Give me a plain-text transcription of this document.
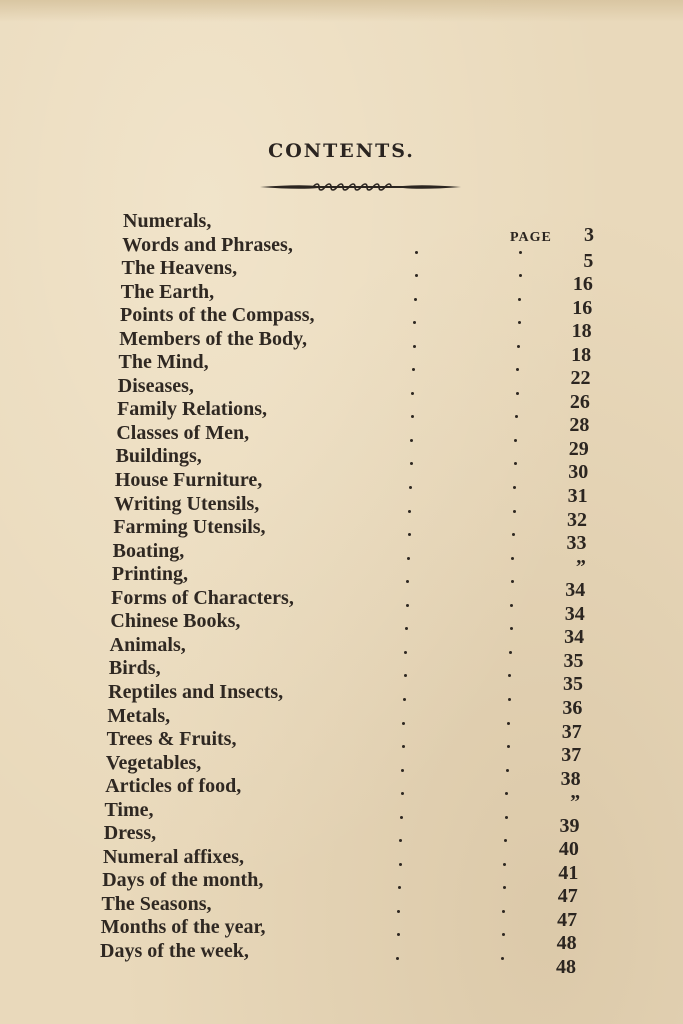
CONTENTS.
PAGE
Numerals,
3
Words and Phrases,
5
The Heavens,
16
The Earth,
16
Points of the Compass,
18
Members of the Body,
18
The Mind,
22
Diseases,
26
Family Relations,
28
Classes of Men,
29
Buildings,
30
House Furniture,
31
Writing Utensils,
32
Farming Utensils,
33
Boating,
”
Printing,
34
Forms of Characters,
34
Chinese Books,
34
Animals,
35
Birds,
35
Reptiles and Insects,
36
Metals,
37
Trees & Fruits,
37
Vegetables,
38
Articles of food,
”
Time,
39
Dress,
40
Numeral affixes,
41
Days of the month,
47
The Seasons,
47
Months of the year,
48
Days of the week,
48
